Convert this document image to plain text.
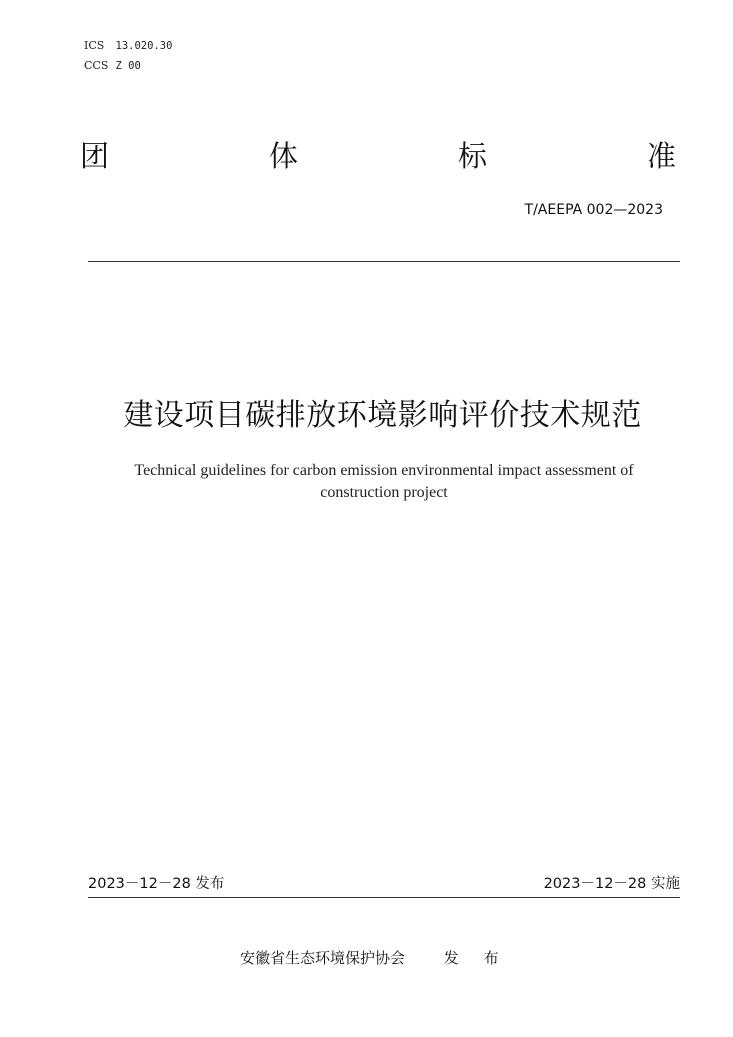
ICS 13.020.30
CCS Z 00
团	体	标	准
T/AEEPA 002—2023
建设项目碳排放环境影响评价技术规范
Technical guidelines for carbon emission environmental impact assessment of construction project
2023－12－28 发布	2023－12－28 实施
安徽省生态环境保护协会	发 布
